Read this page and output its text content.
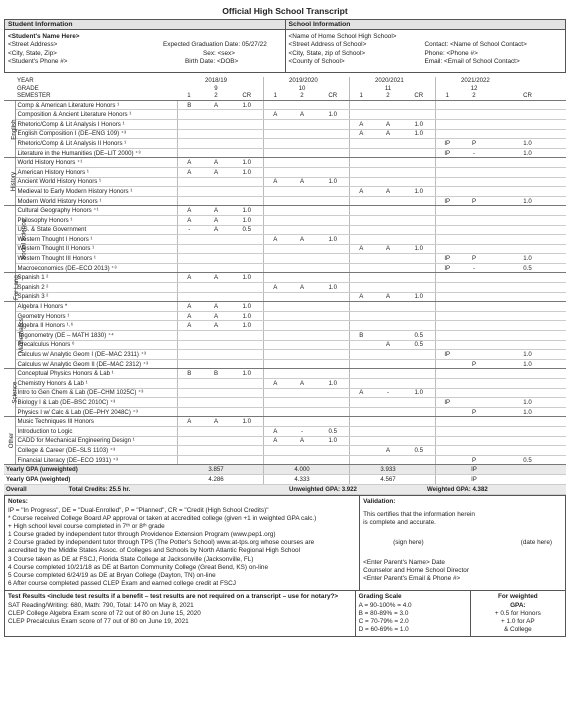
Official High School Transcript
Student Information
<Student's Name Here>
<Street Address>
<City, State, Zip>
<Student's Phone #>
Expected Graduation Date: 05/27/22
Sex: <sex>
Birth Date: <DOB>
School Information
<Name of Home School High School>
<Street Address of School>
<City, State, zip of School>
<County of School>
Contact: <Name of School Contact>
Phone: <Phone #>
Email: <Email of School Contact>
	YEAR		2018/19			2019/2020			2020/2021			2021/2022	
	GRADE		9			10			11			12	
	SEMESTER	1	2	CR	1	2	CR	1	2	CR	1	2	CR
English	Comp & American Literature Honors ¹	B	A	1.0									
	Composition & Ancient Literature Honors ¹				A	A	1.0						
	Rhetoric/Comp & Lit Analysis I Honors ¹							A	A	1.0			
	English Composition I (DE–ENG 109) ⁺³							A	A	1.0			
	Rhetoric/Comp & Lit Analysis II Honors ¹										IP	P	1.0
	Literature in the Humanities (DE–LIT 2000) ⁺³										IP	-	1.0
History	World History Honors ⁺¹	A	A	1.0									
	American History Honors ¹	A	A	1.0									
	Ancient World History Honors ¹				A	A	1.0						
	Medieval to Early Modern History Honors ¹							A	A	1.0			
	Modern World History Honors ¹										IP	P	1.0
Social Science	Cultural Geography Honors ⁺¹	A	A	1.0									
	Philosophy Honors ¹	A	A	1.0									
	U.S. & State Government	-	A	0.5									
	Western Thought I Honors ¹				A	A	1.0						
	Western Thought II Honors ¹							A	A	1.0			
	Western Thought III Honors ¹										IP	P	1.0
	Macroeconomics (DE–ECO 2013) ⁺³										IP	-	0.5
For Lang	Spanish 1 ²	A	A	1.0									
	Spanish 2 ²				A	A	1.0						
	Spanish 3 ²							A	A	1.0			
Mathematics	Algebra I Honors *	A	A	1.0									
	Geometry Honors ¹	A	A	1.0									
	Algebra II Honors ¹˒⁶	A	A	1.0									
	Trigonometry (DE – MATH 1830) ⁺⁴							B		0.5			
	Precalculus Honors ⁶								A	0.5			
	Calculus w/ Analytic Geom I (DE–MAC 2311) ⁺³										IP		1.0
	Calculus w/ Analytic Geom II (DE–MAC 2312) ⁺³											P	1.0
Science	Conceptual Physics Honors & Lab ¹	B	B	1.0									
	Chemistry Honors & Lab ¹				A	A	1.0						
	Intro to Gen Chem & Lab (DE–CHM 1025C) ⁺³							A	-	1.0			
	Biology I & Lab (DE–BSC 2010C) ⁺³										IP		1.0
	Physics I w/ Calc & Lab (DE–PHY 2048C) ⁺³											P	1.0
Other	Music Techniques III Honors	A	A	1.0									
	Introduction to Logic				A	-	0.5						
	CADD for Mechanical Engineering Design ¹				A	A	1.0						
	College & Career (DE–SLS 1103) ⁺³								A	0.5			
	Financial Literacy (DE–ECO 1931) ⁺³											P	0.5
Yearly GPA (unweighted)			3.857			4.000			3.933			IP	
Yearly GPA (weighted)			4.286			4.333			4.567			IP	
Overall Total Credits: 25.5 hr.						Unweighted GPA: 3.922				Weighted GPA: 4.382			
Notes:
IP = "In Progress", DE = "Dual-Enrolled", P = "Planned", CR = "Credit (High School Credits)"
* Course received College Board AP approval or taken at accredited college (given +1 in weighted GPA calc.)
+ High school level course completed in 7ᵗʰ or 8ᵗʰ grade
1 Course graded by independent tutor through Providence Extension Program (www.pep1.org)
2 Course graded by independent tutor through TPS (The Potter's School) www.at-tps.org whose courses are
accredited by the Middle States Assoc. of Colleges and Schools by North Atlantic Regional High School
3 Course taken as DE at FSCJ, Florida State College at Jacksonville (Jacksonville, FL)
4 Course completed 10/21/18 as DE at Barton Community College (Great Bend, KS) on-line
5 Course completed 6/24/19 as DE at Bryan College (Dayton, TN) on-line
6 After course completed passed CLEP Exam and earned college credit at FSCJ
Validation:
This certifies that the information herein
is complete and accurate.
(sign here)	(date here)
<Enter Parent's Name> Date
Counselor and Home School Director
<Enter Parent's Email & Phone #>
Test Results <include test results if a benefit – test results are not required on a transcript – use for notary?>
SAT Reading/Writing: 680, Math: 790, Total: 1470 on May 8, 2021
CLEP College Algebra Exam score of 72 out of 80 on June 15, 2020
CLEP Precalculus Exam score of 77 out of 80 on June 19, 2021
Grading Scale
A = 90-100% = 4.0
B = 80-89% = 3.0
C = 70-79% = 2.0
D = 60-69% = 1.0
For weighted
GPA:
+ 0.5 for Honors
+ 1.0 for AP
& College
